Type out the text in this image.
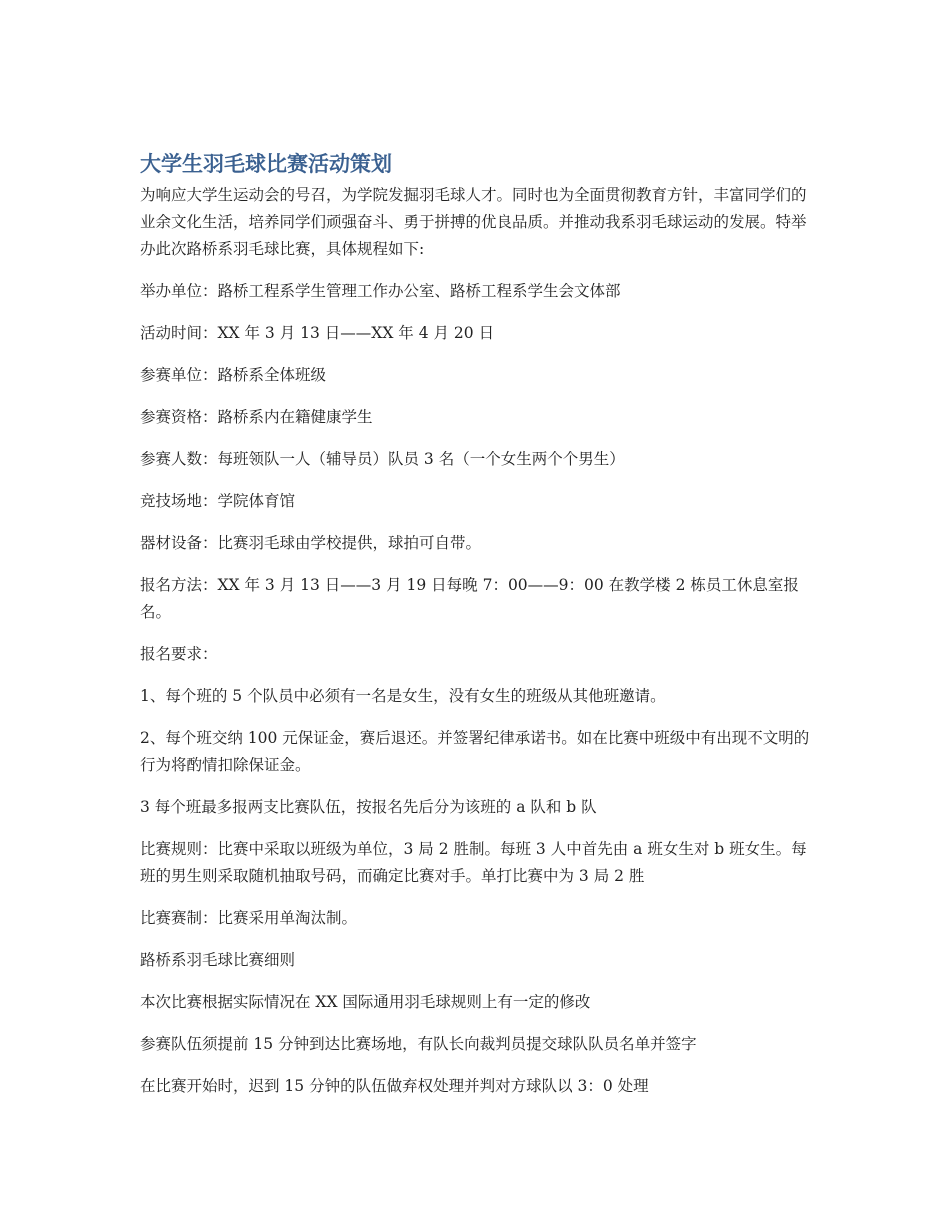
大学生羽毛球比赛活动策划

为响应大学生运动会的号召，为学院发掘羽毛球人才。同时也为全面贯彻教育方针，丰富同学们的业余文化生活，培养同学们顽强奋斗、勇于拼搏的优良品质。并推动我系羽毛球运动的发展。特举办此次路桥系羽毛球比赛，具体规程如下:

举办单位：路桥工程系学生管理工作办公室、路桥工程系学生会文体部

活动时间：XX 年 3 月 13 日——XX 年 4 月 20 日

参赛单位：路桥系全体班级

参赛资格：路桥系内在籍健康学生

参赛人数：每班领队一人（辅导员）队员 3 名（一个女生两个个男生）

竞技场地：学院体育馆

器材设备：比赛羽毛球由学校提供，球拍可自带。

报名方法：XX 年 3 月 13 日——3 月 19 日每晚 7：00——9：00 在教学楼 2 栋员工休息室报名。

报名要求：

1、每个班的 5 个队员中必须有一名是女生，没有女生的班级从其他班邀请。

2、每个班交纳 100 元保证金，赛后退还。并签署纪律承诺书。如在比赛中班级中有出现不文明的行为将酌情扣除保证金。

3 每个班最多报两支比赛队伍，按报名先后分为该班的 a 队和 b 队

比赛规则：比赛中采取以班级为单位，3 局 2 胜制。每班 3 人中首先由 a 班女生对 b 班女生。每班的男生则采取随机抽取号码，而确定比赛对手。单打比赛中为 3 局 2 胜

比赛赛制：比赛采用单淘汰制。

路桥系羽毛球比赛细则

本次比赛根据实际情况在 XX 国际通用羽毛球规则上有一定的修改

参赛队伍须提前 15 分钟到达比赛场地，有队长向裁判员提交球队队员名单并签字

在比赛开始时，迟到 15 分钟的队伍做弃权处理并判对方球队以 3：0 处理
